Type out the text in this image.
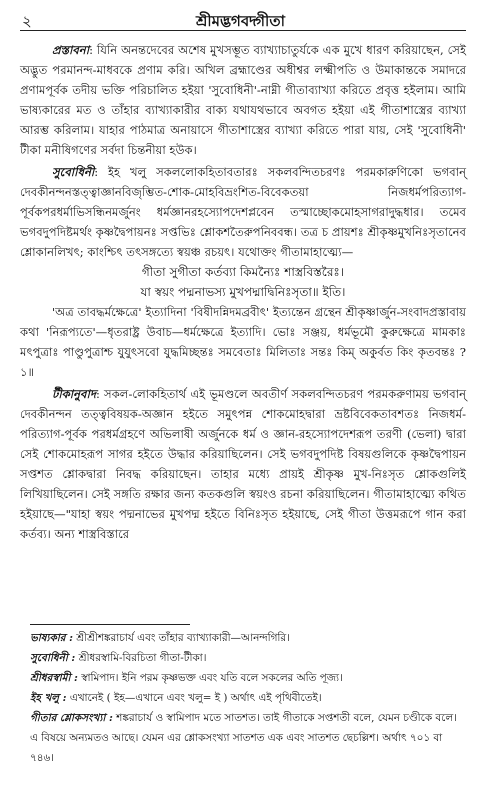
২	শ্রীমদ্ভগবদ্গীতা

প্রস্তাবনা: যিনি অনন্তদেবের অশেষ মুখসম্ভূত ব্যাখ্যাচাতুর্যকে এক মুখে ধারণ করিয়াছেন, সেই অদ্ভুত পরমানন্দ-মাধবকে প্রণাম করি। অখিল ব্রহ্মাণ্ডের অধীশ্বর লক্ষ্মীপতি ও উমাকান্তকে সমাদরে প্রণামপূর্বক তদীয় ভক্তি পরিচালিত হইয়া 'সুবোধিনী'-নাম্নী গীতাব্যাখ্যা করিতে প্রবৃত্ত হইলাম। আমি ভাষ্যকারের মত ও তাঁহার ব্যাখ্যাকারীর বাক্য যথাযথভাবে অবগত হইয়া এই গীতাশাস্ত্রের ব্যাখ্যা আরম্ভ করিলাম। যাহার পাঠমাত্র অনায়াসে গীতাশাস্ত্রের ব্যাখ্যা করিতে পারা যায়, সেই 'সুবোধিনী' টীকা মনীষিগণের সর্বদা চিন্তনীয়া হউক।

সুবোধিনী: ইহ খলু সকললোকহিতাবতারঃ সকলবন্দিতচরণঃ পরমকারুণিকো ভগবান্ দেবকীনন্দনস্তত্ত্বাজ্ঞানবিজৃম্ভিত-শোক-মোহবিভ্রংশিত-বিবেকতয়া নিজধর্মপরিত্যাগ-পূর্বকপরধর্মাভিসন্ধিনমর্জুনং ধর্মজ্ঞানরহস্যোপদেশপ্লবেন তস্মাচ্ছোকমোহসাগরাদুদ্ধধার। তমেব ভগবদুপদিষ্টমর্থং কৃষ্ণদ্বৈপায়নঃ সপ্তভিঃ শ্লোকশতৈরুপনিববন্ধ। তত্র চ প্রায়শঃ শ্রীকৃষ্ণমুখনিঃসৃতানেব শ্লোকানলিখৎ; কাংশ্চিৎ তৎসঙ্গত্যে স্বয়ঞ্চ রচয়ৎ। যথোক্তং গীতামাহাত্ম্যে—

গীতা সুগীতা কর্তব্যা কিমন্যৈঃ শাস্ত্রবিস্তরৈঃ।

যা স্বয়ং পদ্মনাভস্য মুখপদ্মাদ্বিনিঃসৃতা॥ ইতি।

'অত্র তাবদ্ধর্মক্ষেত্রে' ইত্যাদিনা 'বিষীদন্নিদমব্রবীৎ' ইত্যন্তেন গ্রন্থেন শ্রীকৃষ্ণার্জুন-সংবাদপ্রস্তাবায় কথা 'নিরূপ্যতে'—ধৃতরাষ্ট্র উবাচ—ধর্মক্ষেত্রে ইত্যাদি। ভোঃ সঞ্জয়, ধর্মভূমৌ কুরুক্ষেত্রে মামকাঃ মৎপুত্রাঃ পাণ্ডুপুত্রাশ্চ যুযুৎসবো যুদ্ধমিচ্ছন্তঃ সমবেতাঃ মিলিতাঃ সন্তঃ কিম্ অকুর্বত কিং কৃতবন্তঃ ? ১॥

টীকানুবাদ: সকল-লোকহিতার্থ এই ভূমণ্ডলে অবতীর্ণ সকলবন্দিতচরণ পরমকরুণাময় ভগবান্ দেবকীনন্দন তত্ত্ববিষয়ক-অজ্ঞান হইতে সমুৎপন্ন শোকমোহদ্বারা ভ্রষ্টবিবেকতাবশতঃ নিজধর্ম-পরিত্যাগ-পূর্বক পরধর্মগ্রহণে অভিলাষী অর্জুনকে ধর্ম ও জ্ঞান-রহস্যোপদেশরূপ তরণী (ভেলা) দ্বারা সেই শোকমোহরূপ সাগর হইতে উদ্ধার করিয়াছিলেন। সেই ভগবদুপদিষ্ট বিষয়গুলিকে কৃষ্ণদ্বৈপায়ন সপ্তশত শ্লোকদ্বারা নিবদ্ধ করিয়াছেন। তাহার মধ্যে প্রায়ই শ্রীকৃষ্ণ মুখ-নিঃসৃত শ্লোকগুলিই লিখিয়াছিলেন। সেই সঙ্গতি রক্ষার জন্য কতকগুলি স্বয়ংও রচনা করিয়াছিলেন। গীতামাহাত্ম্যে কথিত হইয়াছে—"যাহা স্বয়ং পদ্মনাভের মুখপদ্ম হইতে বিনিঃসৃত হইয়াছে, সেই গীতা উত্তমরূপে গান করা কর্তব্য। অন্য শাস্ত্রবিস্তারে

ভাষ্যকার : শ্রীশ্রীশঙ্করাচার্য এবং তাঁহার ব্যাখ্যাকারী—আনন্দগিরি।

সুবোধিনী : শ্রীধরস্বামি-বিরচিতা গীতা-টীকা।

শ্রীধরস্বামী : স্বামিপাদ। ইনি পরম কৃষ্ণভক্ত এবং যতি বলে সকলের অতি পূজ্য।

ইহ খলু : এখানেই ( ইহ—এখানে এবং খলু= ই ) অর্থাৎ এই পৃথিবীতেই।

গীতার শ্লোকসংখ্যা : শঙ্করাচার্য ও স্বামিপাদ মতে সাতশত। তাই গীতাকে সপ্তশতী বলে, যেমন চণ্ডীকে বলে। এ বিষয়ে অন্যমতও আছে। যেমন এর শ্লোকসংখ্যা সাতশত এক এবং সাতশত ছেচল্লিশ। অর্থাৎ ৭০১ বা ৭৪৬।
